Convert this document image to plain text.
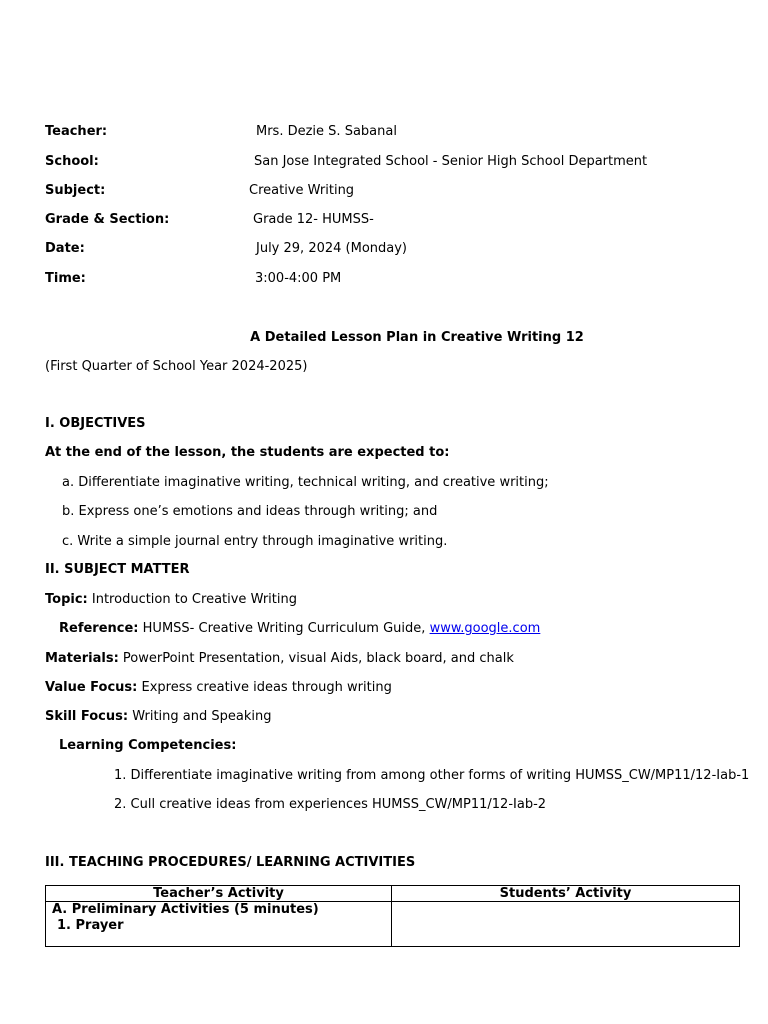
Teacher:	Mrs. Dezie S. Sabanal
School:	San Jose Integrated School - Senior High School Department
Subject:	Creative Writing
Grade & Section:	Grade 12- HUMSS-
Date:	July 29, 2024 (Monday)
Time:	3:00-4:00 PM
A Detailed Lesson Plan in Creative Writing 12
(First Quarter of School Year 2024-2025)
I. OBJECTIVES
At the end of the lesson, the students are expected to:
a. Differentiate imaginative writing, technical writing, and creative writing;
b. Express one’s emotions and ideas through writing; and
c. Write a simple journal entry through imaginative writing.
II. SUBJECT MATTER
Topic: Introduction to Creative Writing
Reference: HUMSS- Creative Writing Curriculum Guide, www.google.com
Materials: PowerPoint Presentation, visual Aids, black board, and chalk
Value Focus: Express creative ideas through writing
Skill Focus: Writing and Speaking
Learning Competencies:
1. Differentiate imaginative writing from among other forms of writing HUMSS_CW/MP11/12-Iab-1
2. Cull creative ideas from experiences HUMSS_CW/MP11/12-Iab-2
III. TEACHING PROCEDURES/ LEARNING ACTIVITIES
Teacher’s Activity	Students’ Activity

A. Preliminary Activities (5 minutes)
1. Prayer	
